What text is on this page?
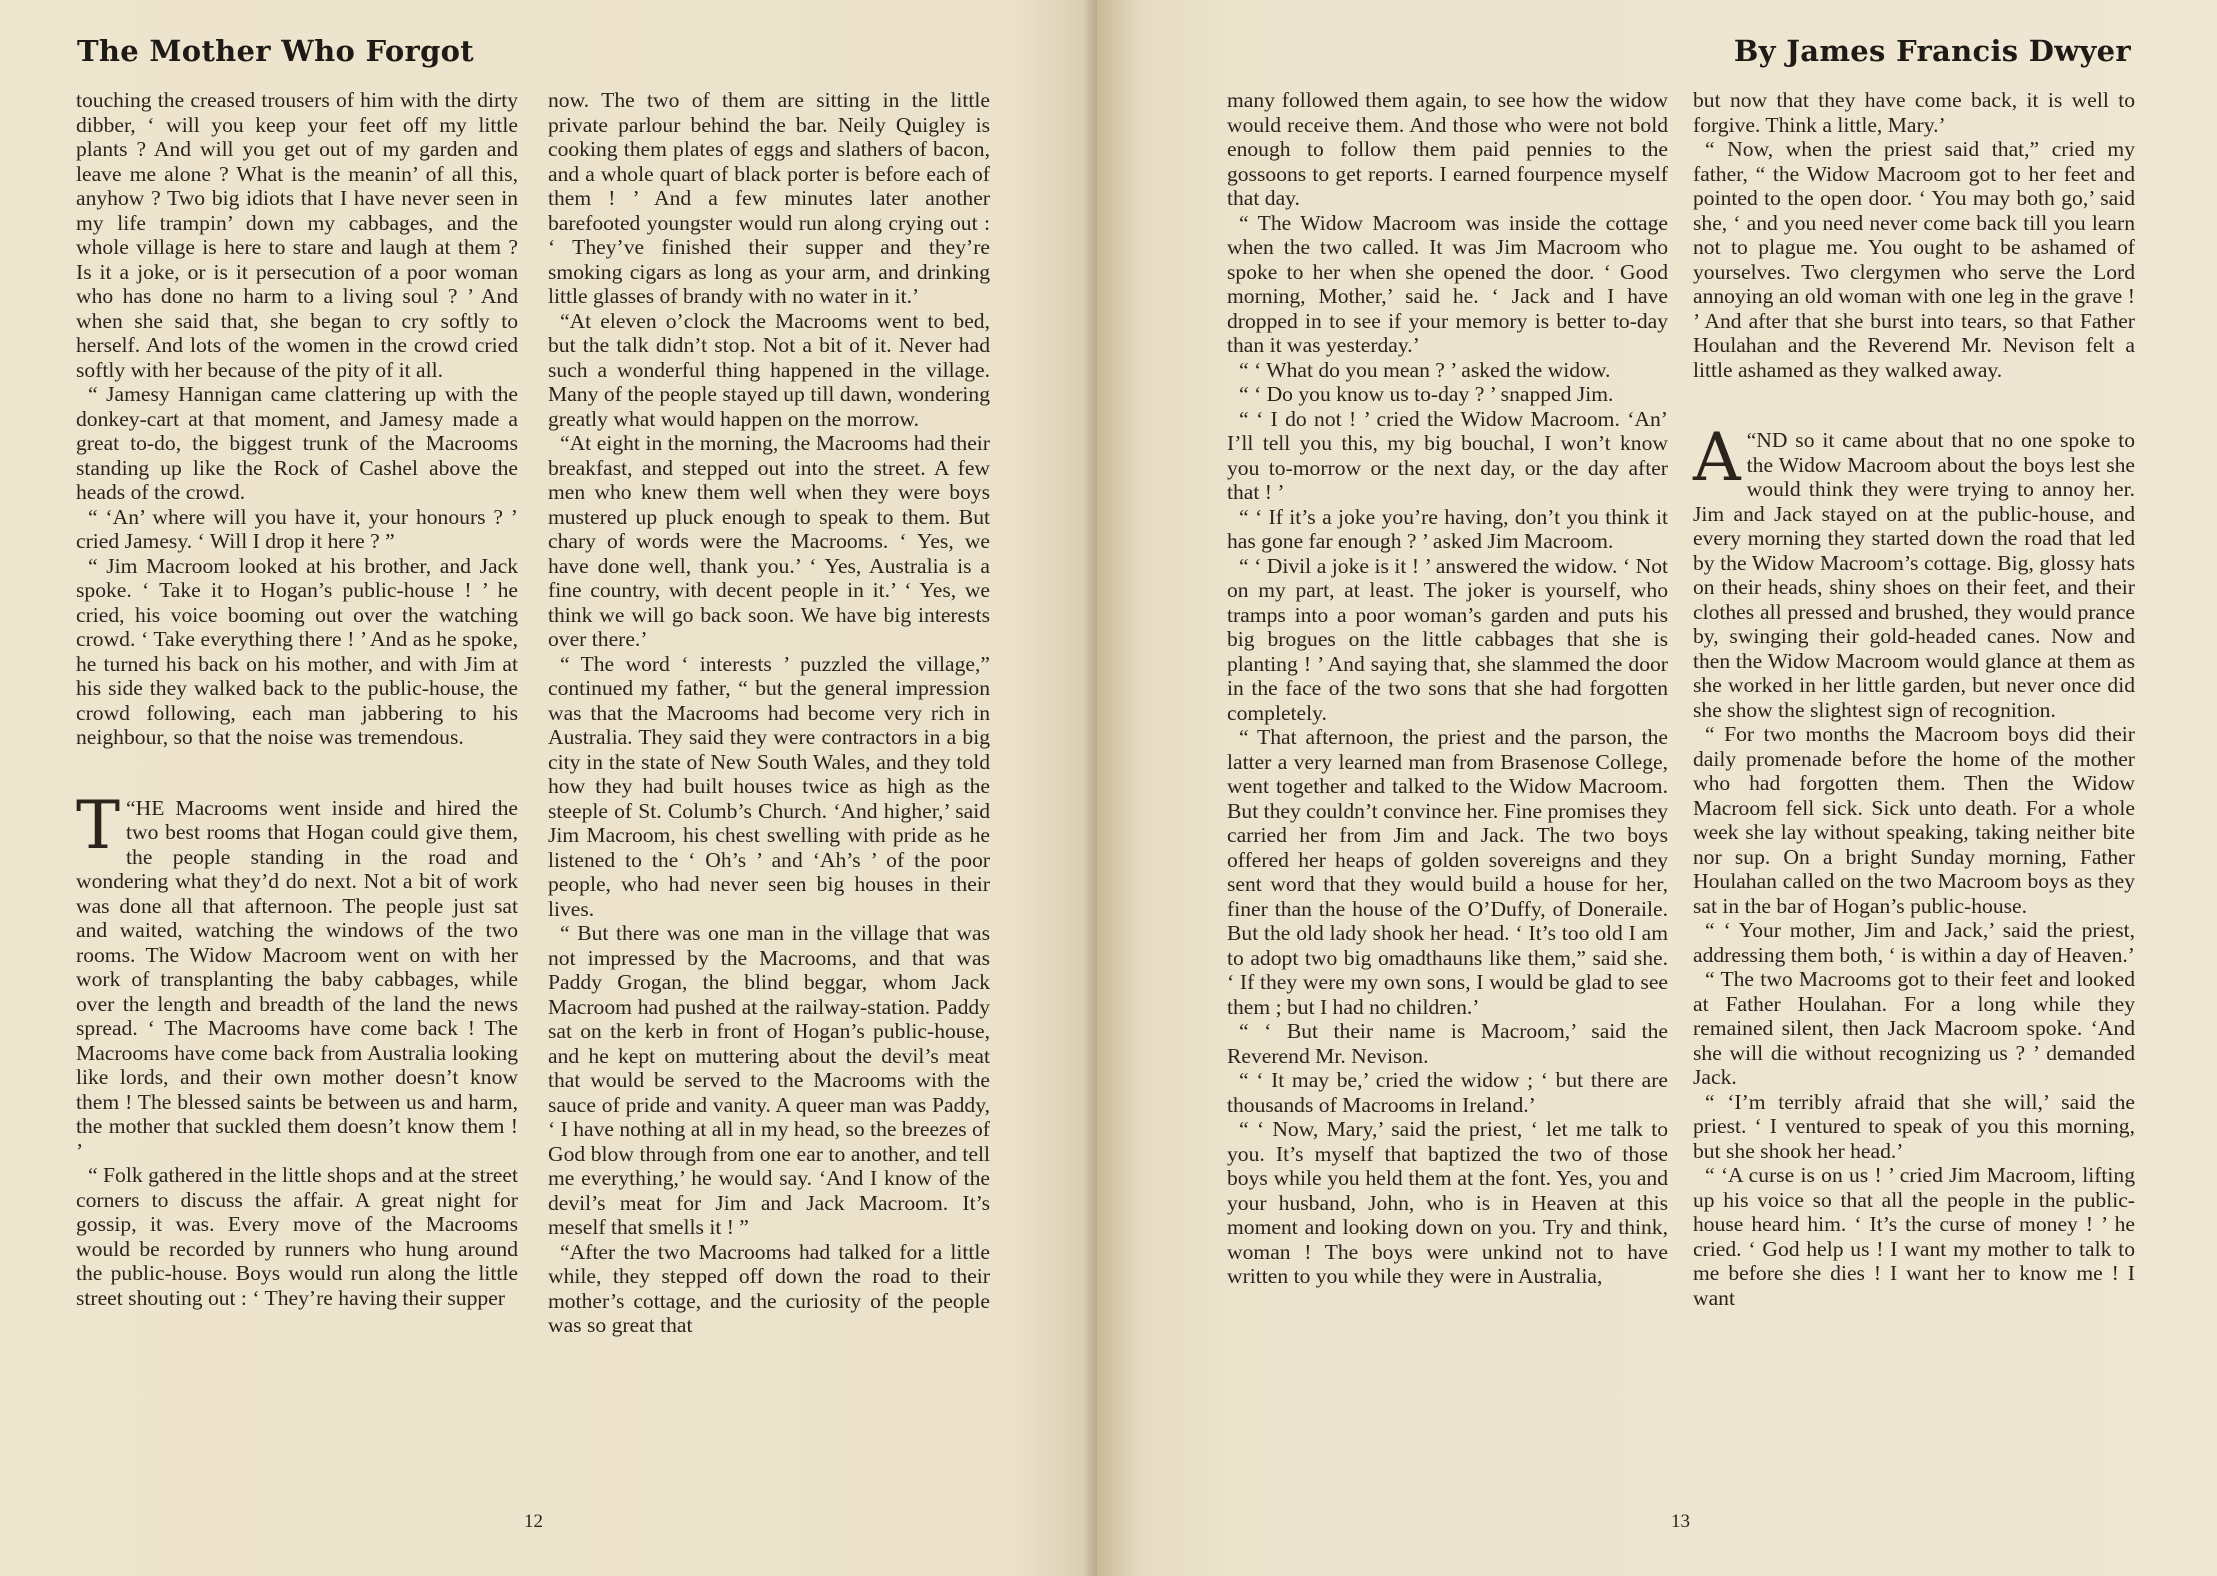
The Mother Who Forgot

touching the creased trousers of him with the dirty dibber, ‘ will you keep your feet off my little plants ? And will you get out of my garden and leave me alone ? What is the meanin’ of all this, anyhow ? Two big idiots that I have never seen in my life trampin’ down my cabbages, and the whole village is here to stare and laugh at them ? Is it a joke, or is it persecution of a poor woman who has done no harm to a living soul ? ’ And when she said that, she began to cry softly to herself. And lots of the women in the crowd cried softly with her because of the pity of it all.

“ Jamesy Hannigan came clattering up with the donkey-cart at that moment, and Jamesy made a great to-do, the biggest trunk of the Macrooms standing up like the Rock of Cashel above the heads of the crowd.

“ ‘An’ where will you have it, your honours ? ’ cried Jamesy. ‘ Will I drop it here ? ”

“ Jim Macroom looked at his brother, and Jack spoke. ‘ Take it to Hogan’s public-house ! ’ he cried, his voice booming out over the watching crowd. ‘ Take everything there ! ’ And as he spoke, he turned his back on his mother, and with Jim at his side they walked back to the public-house, the crowd following, each man jabbering to his neighbour, so that the noise was tremendous.

“
T HE Macrooms went inside and hired the two best rooms that Hogan could give them, the people standing in the road and wondering what they’d do next. Not a bit of work was done all that afternoon. The people just sat and waited, watching the windows of the two rooms. The Widow Macroom went on with her work of transplanting the baby cabbages, while over the length and breadth of the land the news spread. ‘ The Macrooms have come back ! The Macrooms have come back from Australia looking like lords, and their own mother doesn’t know them ! The blessed saints be between us and harm, the mother that suckled them doesn’t know them ! ’

“ Folk gathered in the little shops and at the street corners to discuss the affair. A great night for gossip, it was. Every move of the Macrooms would be recorded by runners who hung around the public-house. Boys would run along the little street shouting out : ‘ They’re having their supper

now. The two of them are sitting in the little private parlour behind the bar. Neily Quigley is cooking them plates of eggs and slathers of bacon, and a whole quart of black porter is before each of them ! ’ And a few minutes later another barefooted youngster would run along crying out : ‘ They’ve finished their supper and they’re smoking cigars as long as your arm, and drinking little glasses of brandy with no water in it.’

“At eleven o’clock the Macrooms went to bed, but the talk didn’t stop. Not a bit of it. Never had such a wonderful thing happened in the village. Many of the people stayed up till dawn, wondering greatly what would happen on the morrow.

“At eight in the morning, the Macrooms had their breakfast, and stepped out into the street. A few men who knew them well when they were boys mustered up pluck enough to speak to them. But chary of words were the Macrooms. ‘ Yes, we have done well, thank you.’ ‘ Yes, Australia is a fine country, with decent people in it.’ ‘ Yes, we think we will go back soon. We have big interests over there.’

“ The word ‘ interests ’ puzzled the village,” continued my father, “ but the general impression was that the Macrooms had become very rich in Australia. They said they were contractors in a big city in the state of New South Wales, and they told how they had built houses twice as high as the steeple of St. Columb’s Church. ‘And higher,’ said Jim Macroom, his chest swelling with pride as he listened to the ‘ Oh’s ’ and ‘Ah’s ’ of the poor people, who had never seen big houses in their lives.

“ But there was one man in the village that was not impressed by the Macrooms, and that was Paddy Grogan, the blind beggar, whom Jack Macroom had pushed at the railway-station. Paddy sat on the kerb in front of Hogan’s public-house, and he kept on muttering about the devil’s meat that would be served to the Macrooms with the sauce of pride and vanity. A queer man was Paddy, ‘ I have nothing at all in my head, so the breezes of God blow through from one ear to another, and tell me everything,’ he would say. ‘And I know of the devil’s meat for Jim and Jack Macroom. It’s meself that smells it ! ”

“After the two Macrooms had talked for a little while, they stepped off down the road to their mother’s cottage, and the curiosity of the people was so great that

12
By James Francis Dwyer

many followed them again, to see how the widow would receive them. And those who were not bold enough to follow them paid pennies to the gossoons to get reports. I earned fourpence myself that day.

“ The Widow Macroom was inside the cottage when the two called. It was Jim Macroom who spoke to her when she opened the door. ‘ Good morning, Mother,’ said he. ‘ Jack and I have dropped in to see if your memory is better to-day than it was yesterday.’

“ ‘ What do you mean ? ’ asked the widow.

“ ‘ Do you know us to-day ? ’ snapped Jim.

“ ‘ I do not ! ’ cried the Widow Macroom. ‘An’ I’ll tell you this, my big bouchal, I won’t know you to-morrow or the next day, or the day after that ! ’

“ ‘ If it’s a joke you’re having, don’t you think it has gone far enough ? ’ asked Jim Macroom.

“ ‘ Divil a joke is it ! ’ answered the widow. ‘ Not on my part, at least. The joker is yourself, who tramps into a poor woman’s garden and puts his big brogues on the little cabbages that she is planting ! ’ And saying that, she slammed the door in the face of the two sons that she had forgotten completely.

“ That afternoon, the priest and the parson, the latter a very learned man from Brasenose College, went together and talked to the Widow Macroom. But they couldn’t convince her. Fine promises they carried her from Jim and Jack. The two boys offered her heaps of golden sovereigns and they sent word that they would build a house for her, finer than the house of the O’Duffy, of Doneraile. But the old lady shook her head. ‘ It’s too old I am to adopt two big omadthauns like them,” said she. ‘ If they were my own sons, I would be glad to see them ; but I had no children.’

“ ‘ But their name is Macroom,’ said the Reverend Mr. Nevison.

“ ‘ It may be,’ cried the widow ; ‘ but there are thousands of Macrooms in Ireland.’

“ ‘ Now, Mary,’ said the priest, ‘ let me talk to you. It’s myself that baptized the two of those boys while you held them at the font. Yes, you and your husband, John, who is in Heaven at this moment and looking down on you. Try and think, woman ! The boys were unkind not to have written to you while they were in Australia,

but now that they have come back, it is well to forgive. Think a little, Mary.’

“ Now, when the priest said that,” cried my father, “ the Widow Macroom got to her feet and pointed to the open door. ‘ You may both go,’ said she, ‘ and you need never come back till you learn not to plague me. You ought to be ashamed of yourselves. Two clergymen who serve the Lord annoying an old woman with one leg in the grave ! ’ And after that she burst into tears, so that Father Houlahan and the Reverend Mr. Nevison felt a little ashamed as they walked away.

“
A ND so it came about that no one spoke to the Widow Macroom about the boys lest she would think they were trying to annoy her. Jim and Jack stayed on at the public-house, and every morning they started down the road that led by the Widow Macroom’s cottage. Big, glossy hats on their heads, shiny shoes on their feet, and their clothes all pressed and brushed, they would prance by, swinging their gold-headed canes. Now and then the Widow Macroom would glance at them as she worked in her little garden, but never once did she show the slightest sign of recognition.

“ For two months the Macroom boys did their daily promenade before the home of the mother who had forgotten them. Then the Widow Macroom fell sick. Sick unto death. For a whole week she lay without speaking, taking neither bite nor sup. On a bright Sunday morning, Father Houlahan called on the two Macroom boys as they sat in the bar of Hogan’s public-house.

“ ‘ Your mother, Jim and Jack,’ said the priest, addressing them both, ‘ is within a day of Heaven.’

“ The two Macrooms got to their feet and looked at Father Houlahan. For a long while they remained silent, then Jack Macroom spoke. ‘And she will die without recognizing us ? ’ demanded Jack.

“ ‘I’m terribly afraid that she will,’ said the priest. ‘ I ventured to speak of you this morning, but she shook her head.’

“ ‘A curse is on us ! ’ cried Jim Macroom, lifting up his voice so that all the people in the public-house heard him. ‘ It’s the curse of money ! ’ he cried. ‘ God help us ! I want my mother to talk to me before she dies ! I want her to know me ! I want

13
